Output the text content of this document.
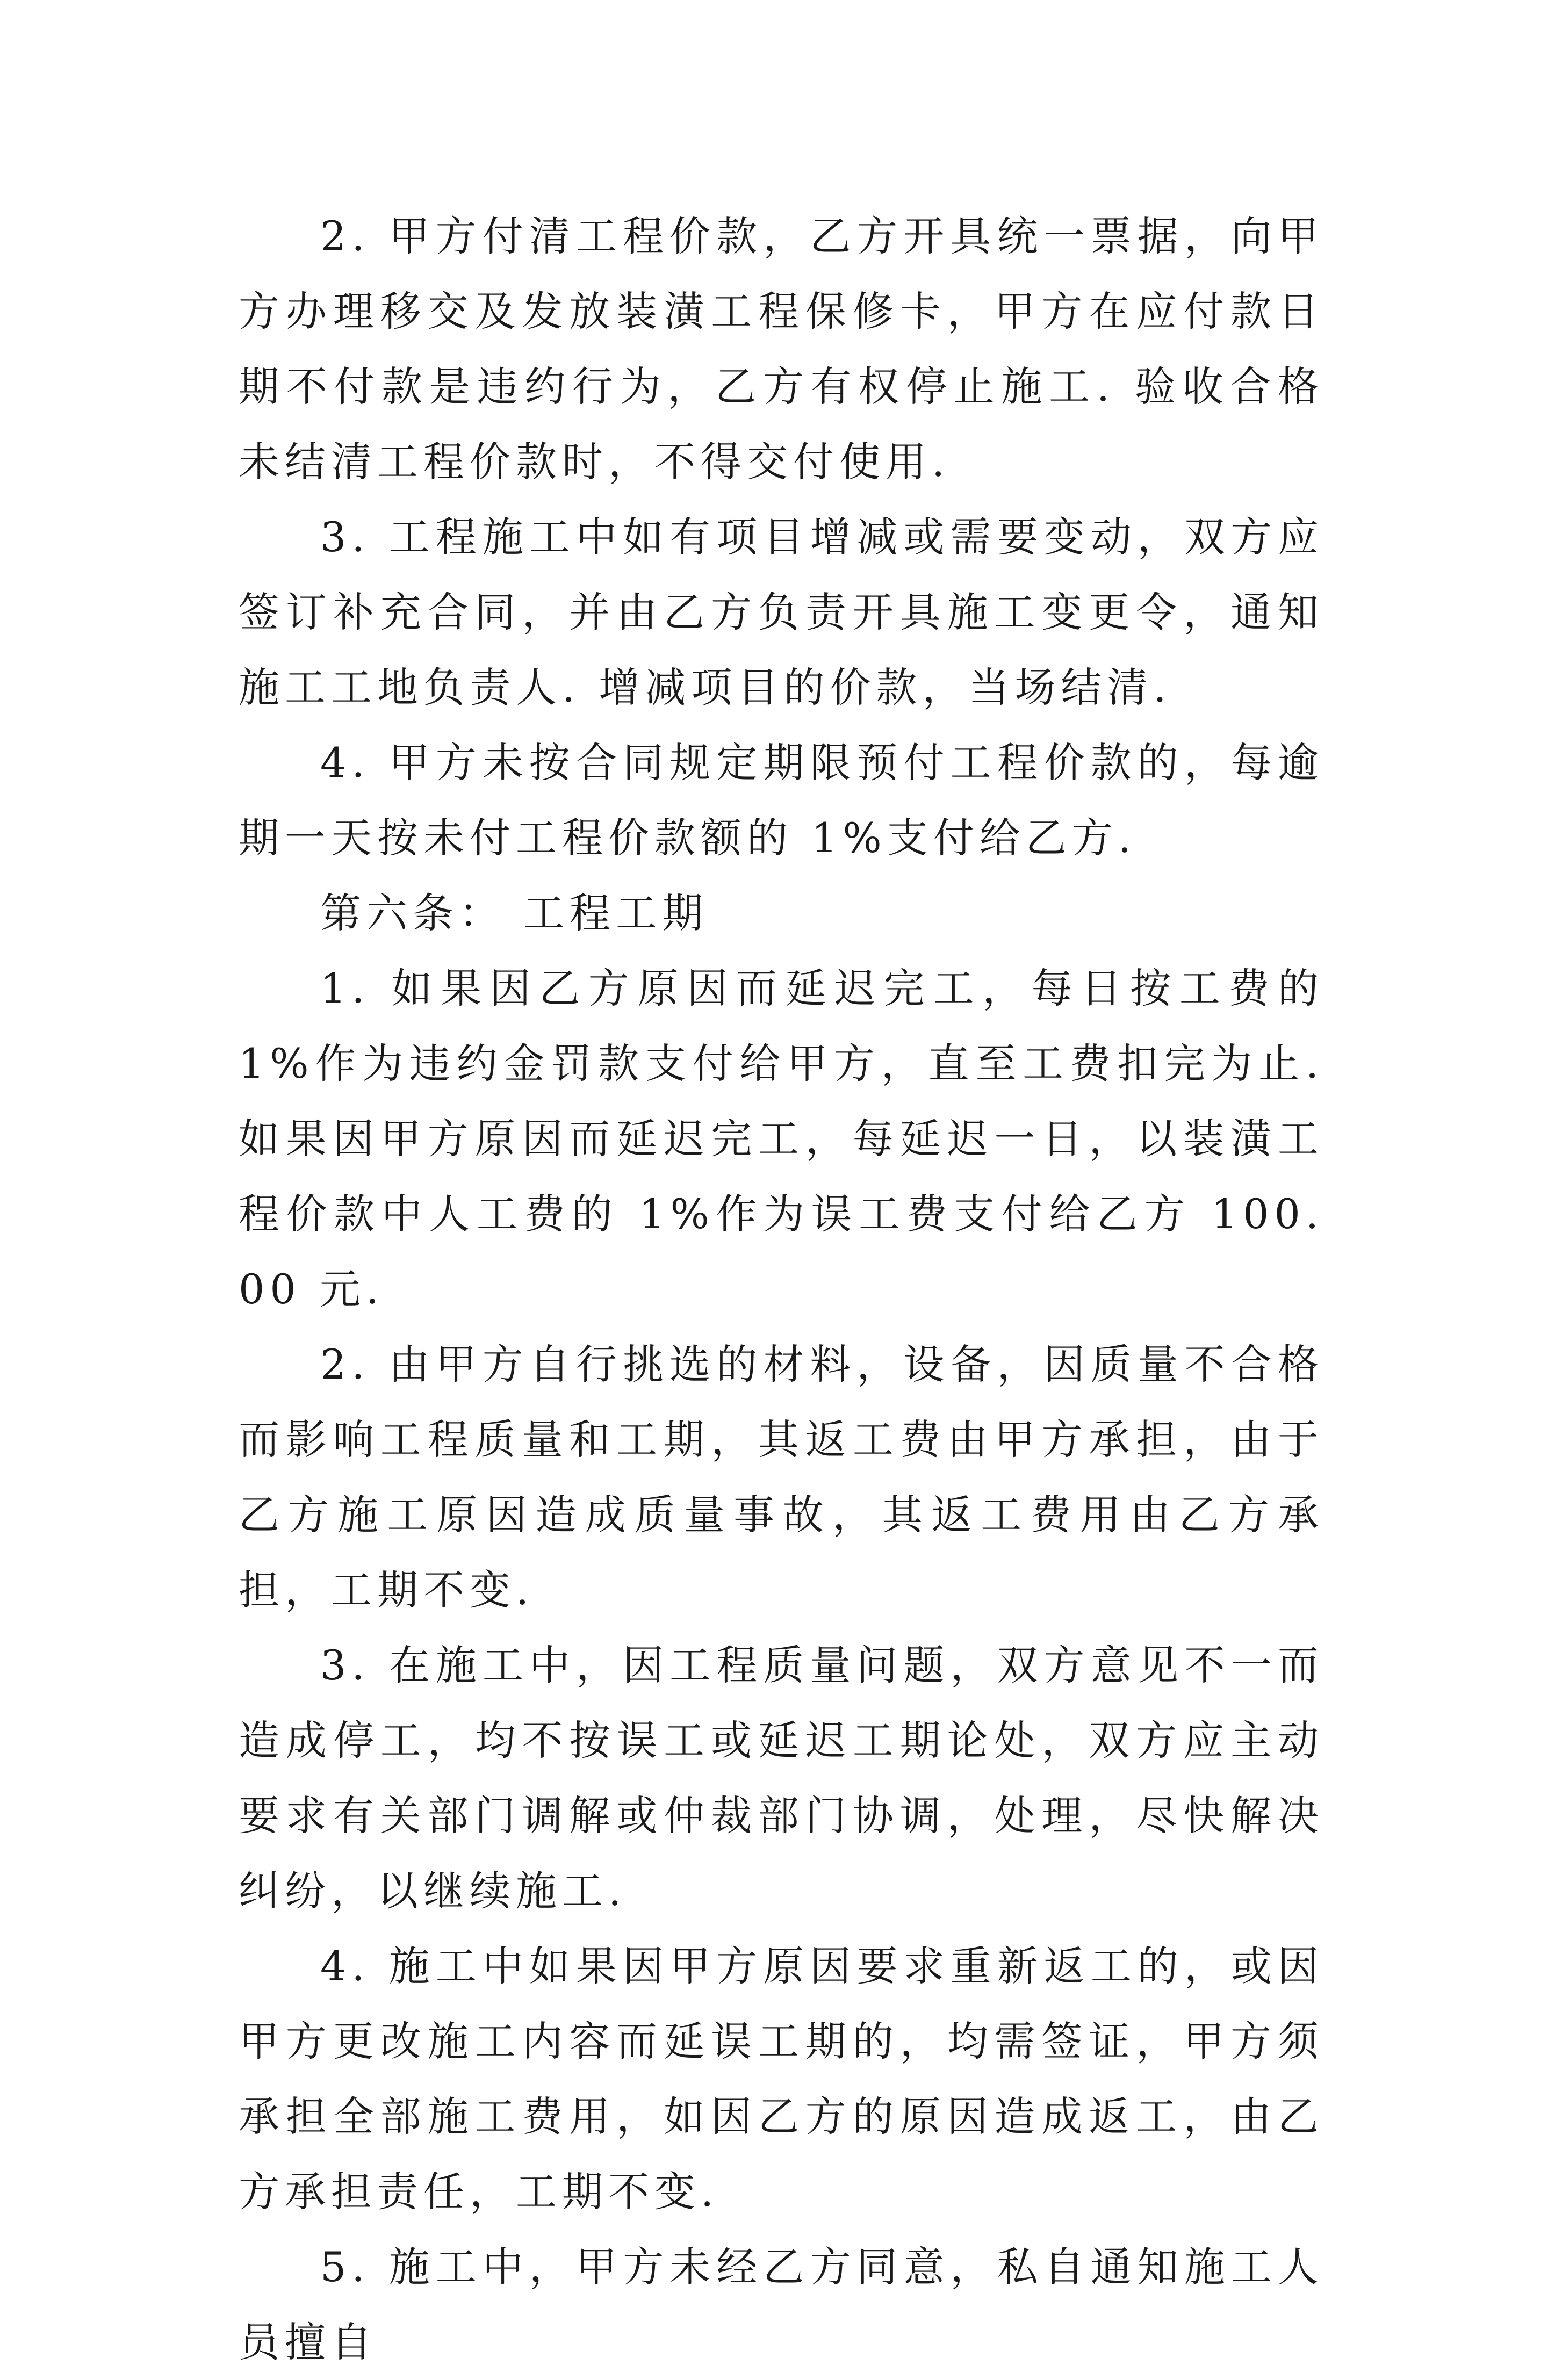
2. 甲方付清工程价款，乙方开具统一票据，向甲方办理移交及发放装潢工程保修卡，甲方在应付款日期不付款是违约行为，乙方有权停止施工. 验收合格未结清工程价款时，不得交付使用.

3. 工程施工中如有项目增减或需要变动，双方应签订补充合同，并由乙方负责开具施工变更令，通知施工工地负责人. 增减项目的价款，当场结清.

4. 甲方未按合同规定期限预付工程价款的，每逾期一天按未付工程价款额的 1%支付给乙方.

第六条： 工程工期

1. 如果因乙方原因而延迟完工，每日按工费的 1%作为违约金罚款支付给甲方，直至工费扣完为止. 如果因甲方原因而延迟完工，每延迟一日，以装潢工程价款中人工费的 1%作为误工费支付给乙方 100.00 元.

2. 由甲方自行挑选的材料，设备，因质量不合格而影响工程质量和工期，其返工费由甲方承担，由于乙方施工原因造成质量事故，其返工费用由乙方承担，工期不变.

3. 在施工中，因工程质量问题，双方意见不一而造成停工，均不按误工或延迟工期论处，双方应主动要求有关部门调解或仲裁部门协调，处理，尽快解决纠纷，以继续施工.

4. 施工中如果因甲方原因要求重新返工的，或因甲方更改施工内容而延误工期的，均需签证，甲方须承担全部施工费用，如因乙方的原因造成返工，由乙方承担责任，工期不变.

5. 施工中，甲方未经乙方同意，私自通知施工人员擅自
